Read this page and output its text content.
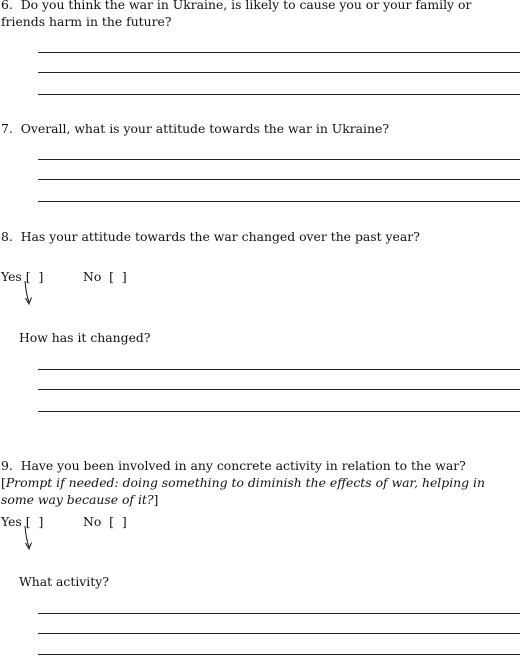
6. Do you think the war in Ukraine, is likely to cause you or your family or friends harm in the future?
7. Overall, what is your attitude towards the war in Ukraine?
8. Has your attitude towards the war changed over the past year?
Yes [  ]	No  [  ]
How has it changed?
9. Have you been involved in any concrete activity in relation to the war? [Prompt if needed: doing something to diminish the effects of war, helping in some way because of it?]
Yes [  ]	No  [  ]
What activity?
